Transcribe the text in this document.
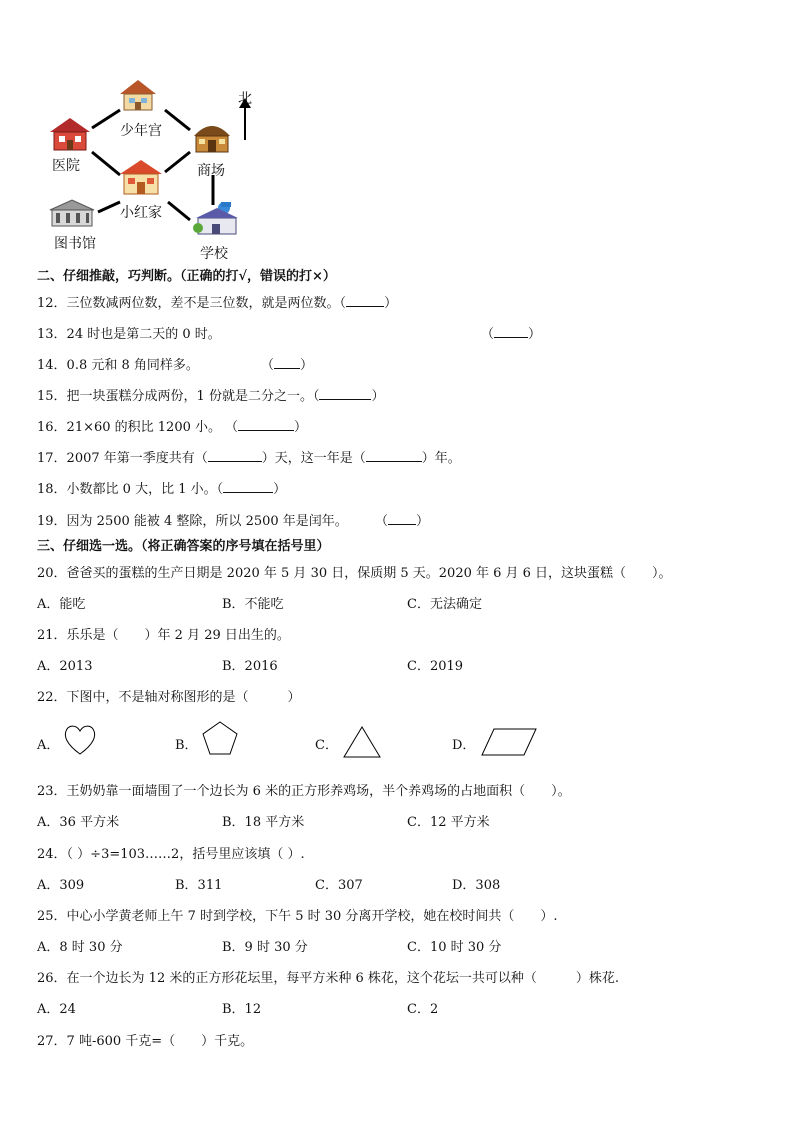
北
少年宫
医院	商场
小红家
图书馆
学校
二、仔细推敲，巧判断。（正确的打√，错误的打×）
12．三位数减两位数，差不是三位数，就是两位数。（	）
13．24 时也是第二天的 0 时。	（	）
14．0.8 元和 8 角同样多。	（ ）
15．把一块蛋糕分成两份，1 份就是二分之一。（	）
16．21×60 的积比 1200 小。 （	）
17．2007 年第一季度共有（	）天，这一年是（	）年。
18．小数都比 0 大，比 1 小。（	）
19．因为 2500 能被 4 整除，所以 2500 年是闰年。 （ ）
三、仔细选一选。（将正确答案的序号填在括号里）
20．爸爸买的蛋糕的生产日期是 2020 年 5 月 30 日，保质期 5 天。2020 年 6 月 6 日，这块蛋糕（　　）。
A．能吃	B．不能吃	C．无法确定
21．乐乐是（　　）年 2 月 29 日出生的。
A．2013	B．2016	C．2019
22．下图中，不是轴对称图形的是（　　　）
A．	B．	C．	D．
23．王奶奶靠一面墙围了一个边长为 6 米的正方形养鸡场，半个养鸡场的占地面积（　　）。
A．36 平方米	B．18 平方米	C．12 平方米
24．（ ）÷3=103……2，括号里应该填（ ）.
A．309	B．311	C．307	D．308
25．中心小学黄老师上午 7 时到学校，下午 5 时 30 分离开学校，她在校时间共（　　）.
A．8 时 30 分	B．9 时 30 分	C．10 时 30 分
26．在一个边长为 12 米的正方形花坛里，每平方米种 6 株花，这个花坛一共可以种（　　　）株花.
A．24	B．12	C．2
27．7 吨-600 千克=（　　）千克。
